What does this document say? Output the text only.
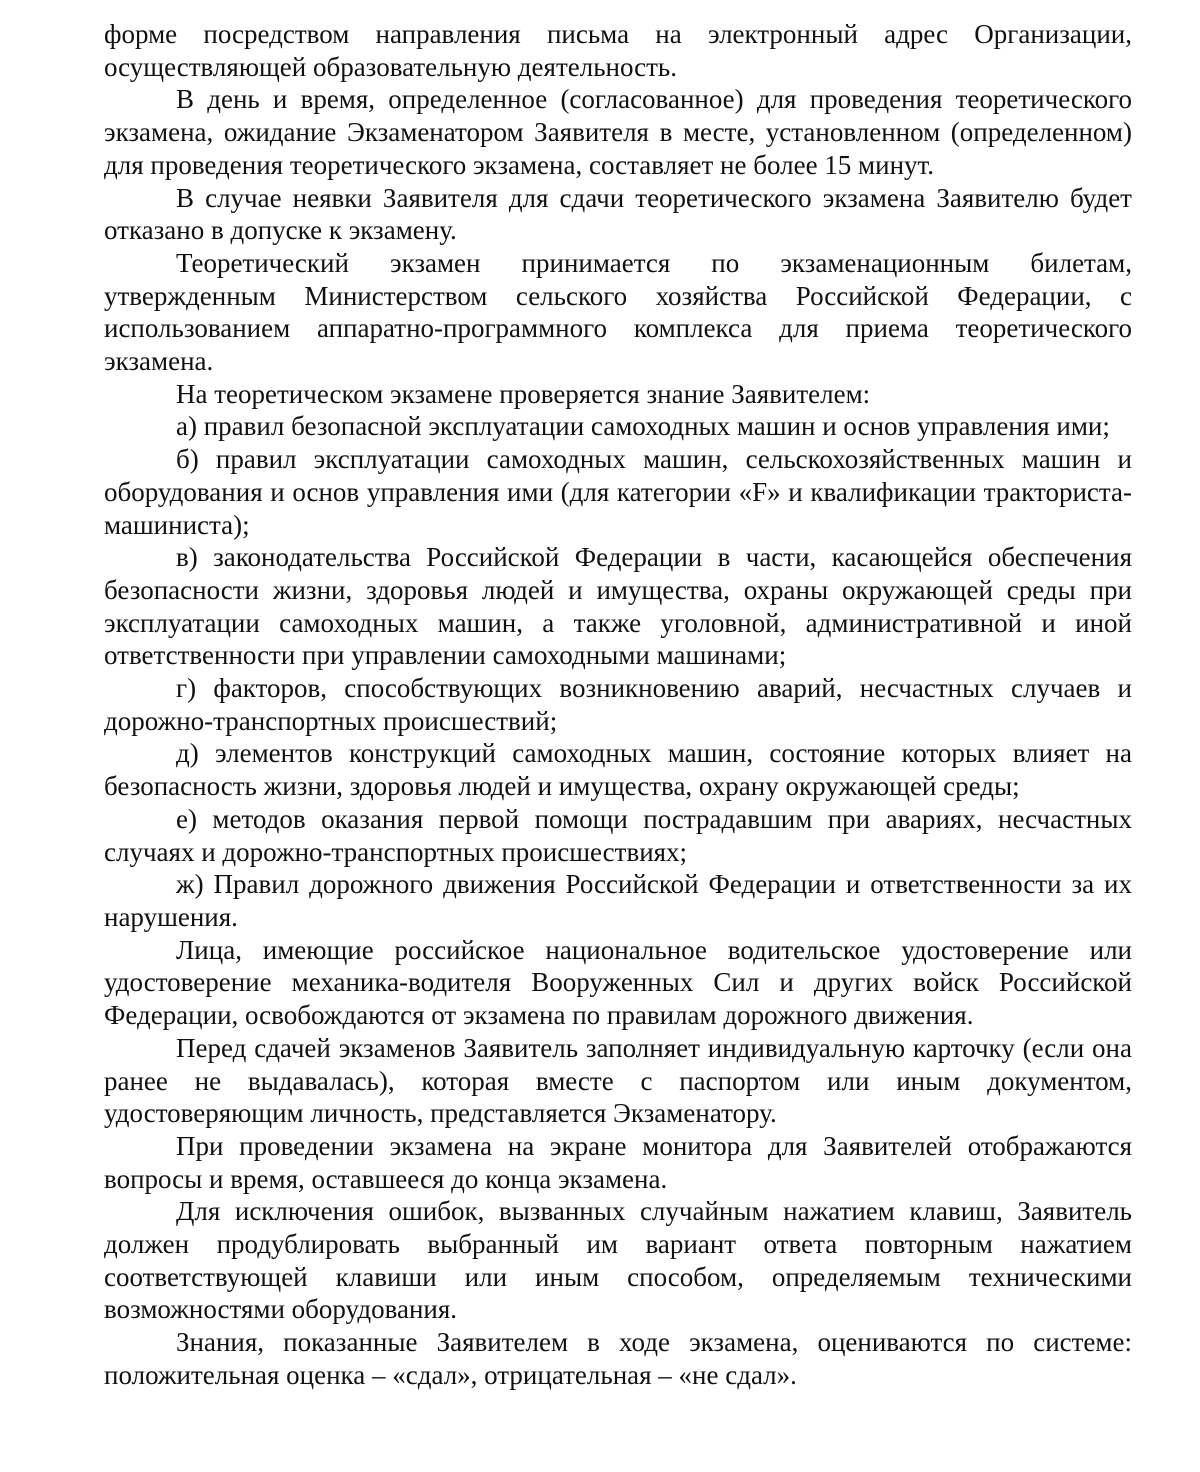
форме посредством направления письма на электронный адрес Организации, осуществляющей образовательную деятельность.

В день и время, определенное (согласованное) для проведения теоретического экзамена, ожидание Экзаменатором Заявителя в месте, установленном (определенном) для проведения теоретического экзамена, составляет не более 15 минут.

В случае неявки Заявителя для сдачи теоретического экзамена Заявителю будет отказано в допуске к экзамену.

Теоретический экзамен принимается по экзаменационным билетам, утвержденным Министерством сельского хозяйства Российской Федерации, с использованием аппаратно-программного комплекса для приема теоретического экзамена.

На теоретическом экзамене проверяется знание Заявителем:

а) правил безопасной эксплуатации самоходных машин и основ управления ими;

б) правил эксплуатации самоходных машин, сельскохозяйственных машин и оборудования и основ управления ими (для категории «F» и квалификации тракториста-машиниста);

в) законодательства Российской Федерации в части, касающейся обеспечения безопасности жизни, здоровья людей и имущества, охраны окружающей среды при эксплуатации самоходных машин, а также уголовной, административной и иной ответственности при управлении самоходными машинами;

г) факторов, способствующих возникновению аварий, несчастных случаев и дорожно-транспортных происшествий;

д) элементов конструкций самоходных машин, состояние которых влияет на безопасность жизни, здоровья людей и имущества, охрану окружающей среды;

е) методов оказания первой помощи пострадавшим при авариях, несчастных случаях и дорожно-транспортных происшествиях;

ж) Правил дорожного движения Российской Федерации и ответственности за их нарушения.

Лица, имеющие российское национальное водительское удостоверение или удостоверение механика-водителя Вооруженных Сил и других войск Российской Федерации, освобождаются от экзамена по правилам дорожного движения.

Перед сдачей экзаменов Заявитель заполняет индивидуальную карточку (если она ранее не выдавалась), которая вместе с паспортом или иным документом, удостоверяющим личность, представляется Экзаменатору.

При проведении экзамена на экране монитора для Заявителей отображаются вопросы и время, оставшееся до конца экзамена.

Для исключения ошибок, вызванных случайным нажатием клавиш, Заявитель должен продублировать выбранный им вариант ответа повторным нажатием соответствующей клавиши или иным способом, определяемым техническими возможностями оборудования.

Знания, показанные Заявителем в ходе экзамена, оцениваются по системе: положительная оценка – «сдал», отрицательная – «не сдал».
